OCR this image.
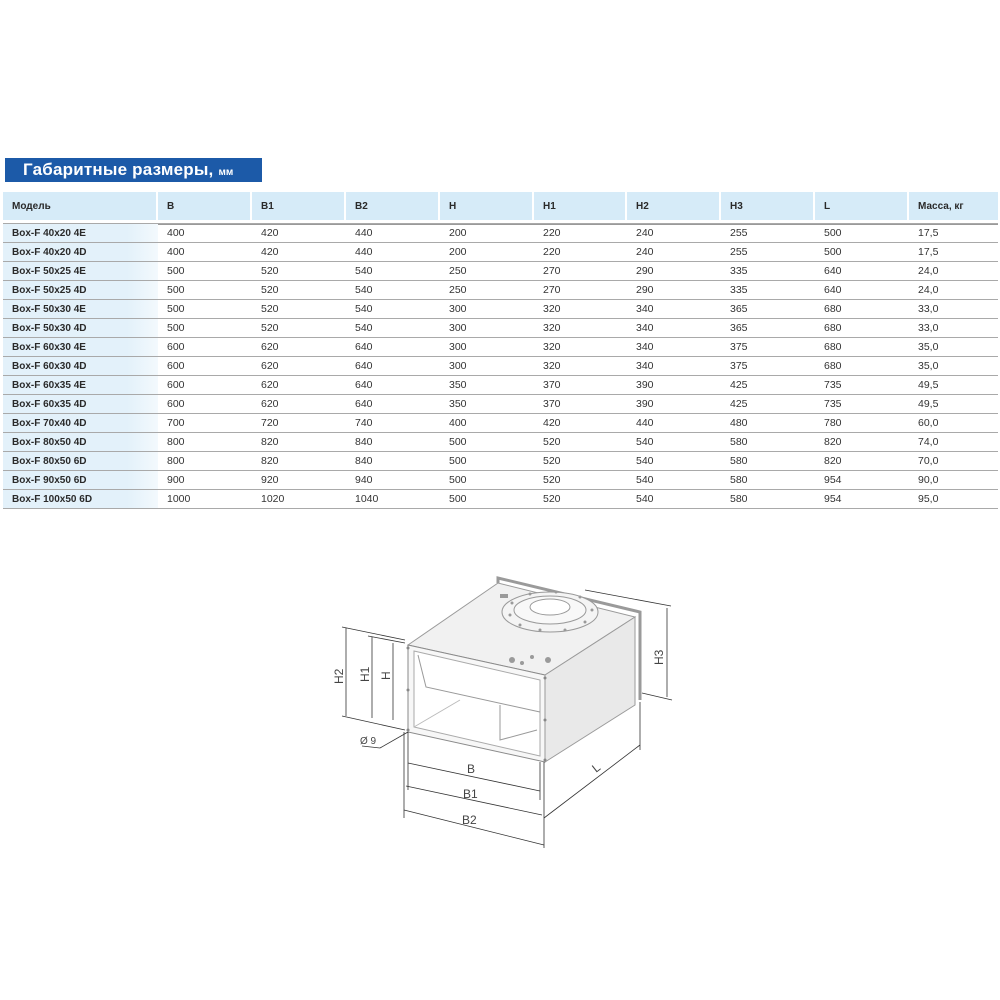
Габаритные размеры, мм
Модель	B	B1	B2	H	H1	H2	H3	L	Масса, кг
Box-F 40x20 4E	400	420	440	200	220	240	255	500	17,5
Box-F 40x20 4D	400	420	440	200	220	240	255	500	17,5
Box-F 50x25 4E	500	520	540	250	270	290	335	640	24,0
Box-F 50x25 4D	500	520	540	250	270	290	335	640	24,0
Box-F 50x30 4E	500	520	540	300	320	340	365	680	33,0
Box-F 50x30 4D	500	520	540	300	320	340	365	680	33,0
Box-F 60x30 4E	600	620	640	300	320	340	375	680	35,0
Box-F 60x30 4D	600	620	640	300	320	340	375	680	35,0
Box-F 60x35 4E	600	620	640	350	370	390	425	735	49,5
Box-F 60x35 4D	600	620	640	350	370	390	425	735	49,5
Box-F 70x40 4D	700	720	740	400	420	440	480	780	60,0
Box-F 80x50 4D	800	820	840	500	520	540	580	820	74,0
Box-F 80x50 6D	800	820	840	500	520	540	580	820	70,0
Box-F 90x50 6D	900	920	940	500	520	540	580	954	90,0
Box-F 100x50 6D	1000	1020	1040	500	520	540	580	954	95,0
H2 H1 H
Ø 9
B
B1
B2
L
H3
